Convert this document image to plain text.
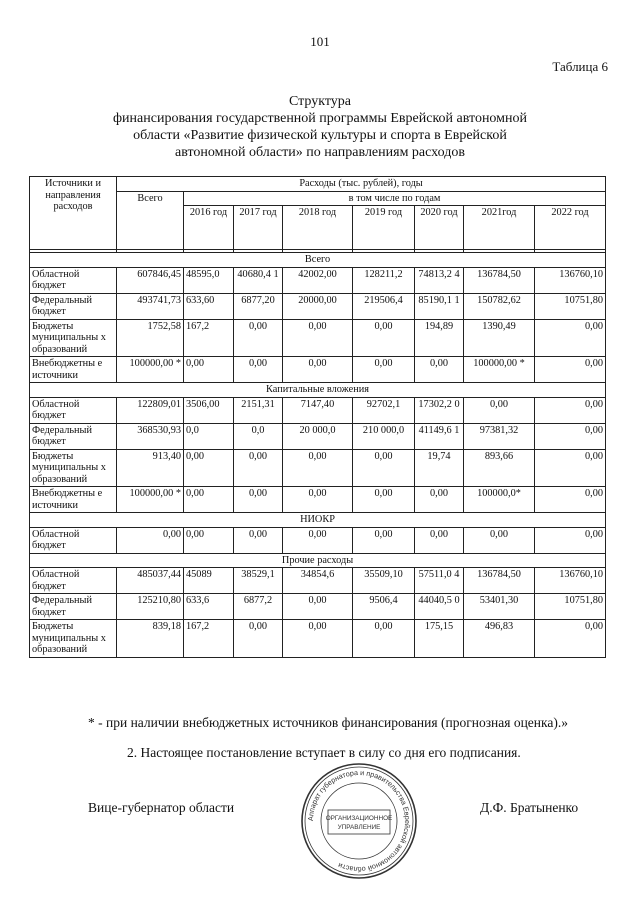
101
Таблица 6
Структура
финансирования государственной программы Еврейской автономной
области «Развитие физической культуры и спорта в Еврейской
автономной области» по направлениям расходов
Источники и направления расходов	Расходы (тыс. рублей), годы							
	Всего	в том числе по годам						
		2016 год	2017 год	2018 год	2019 год	2020 год	2021год	2022 год

Всего								
Областной бюджет	607846,45	48595,0	40680,4 1	42002,00	128211,2	74813,2 4	136784,50	136760,10
Федеральный бюджет	493741,73	633,60	6877,20	20000,00	219506,4	85190,1 1	150782,62	10751,80
Бюджеты муниципальны х образований	1752,58	167,2	0,00	0,00	0,00	194,89	1390,49	0,00
Внебюджетны е источники	100000,00 *	0,00	0,00	0,00	0,00	0,00	100000,00 *	0,00
Капитальные вложения								
Областной бюджет	122809,01	3506,00	2151,31	7147,40	92702,1	17302,2 0	0,00	0,00
Федеральный бюджет	368530,93	0,0	0,0	20 000,0	210 000,0	41149,6 1	97381,32	0,00
Бюджеты муниципальны х образований	913,40	0,00	0,00	0,00	0,00	19,74	893,66	0,00
Внебюджетны е источники	100000,00 *	0,00	0,00	0,00	0,00	0,00	100000,0*	0,00
НИОКР								
Областной бюджет	0,00	0,00	0,00	0,00	0,00	0,00	0,00	0,00
Прочие расходы								
Областной бюджет	485037,44	45089	38529,1	34854,6	35509,10	57511,0 4	136784,50	136760,10
Федеральный бюджет	125210,80	633,6	6877,2	0,00	9506,4	44040,5 0	53401,30	10751,80
Бюджеты муниципальны х образований	839,18	167,2	0,00	0,00	0,00	175,15	496,83	0,00
* - при наличии внебюджетных источников финансирования (прогнозная оценка).»
2. Настоящее постановление вступает в силу со дня его подписания.
Вице-губернатор области	Д.Ф. Братыненко
Аппарат губернатора и правительства Еврейской автономной области
ОРГАНИЗАЦИОННОЕ
УПРАВЛЕНИЕ
